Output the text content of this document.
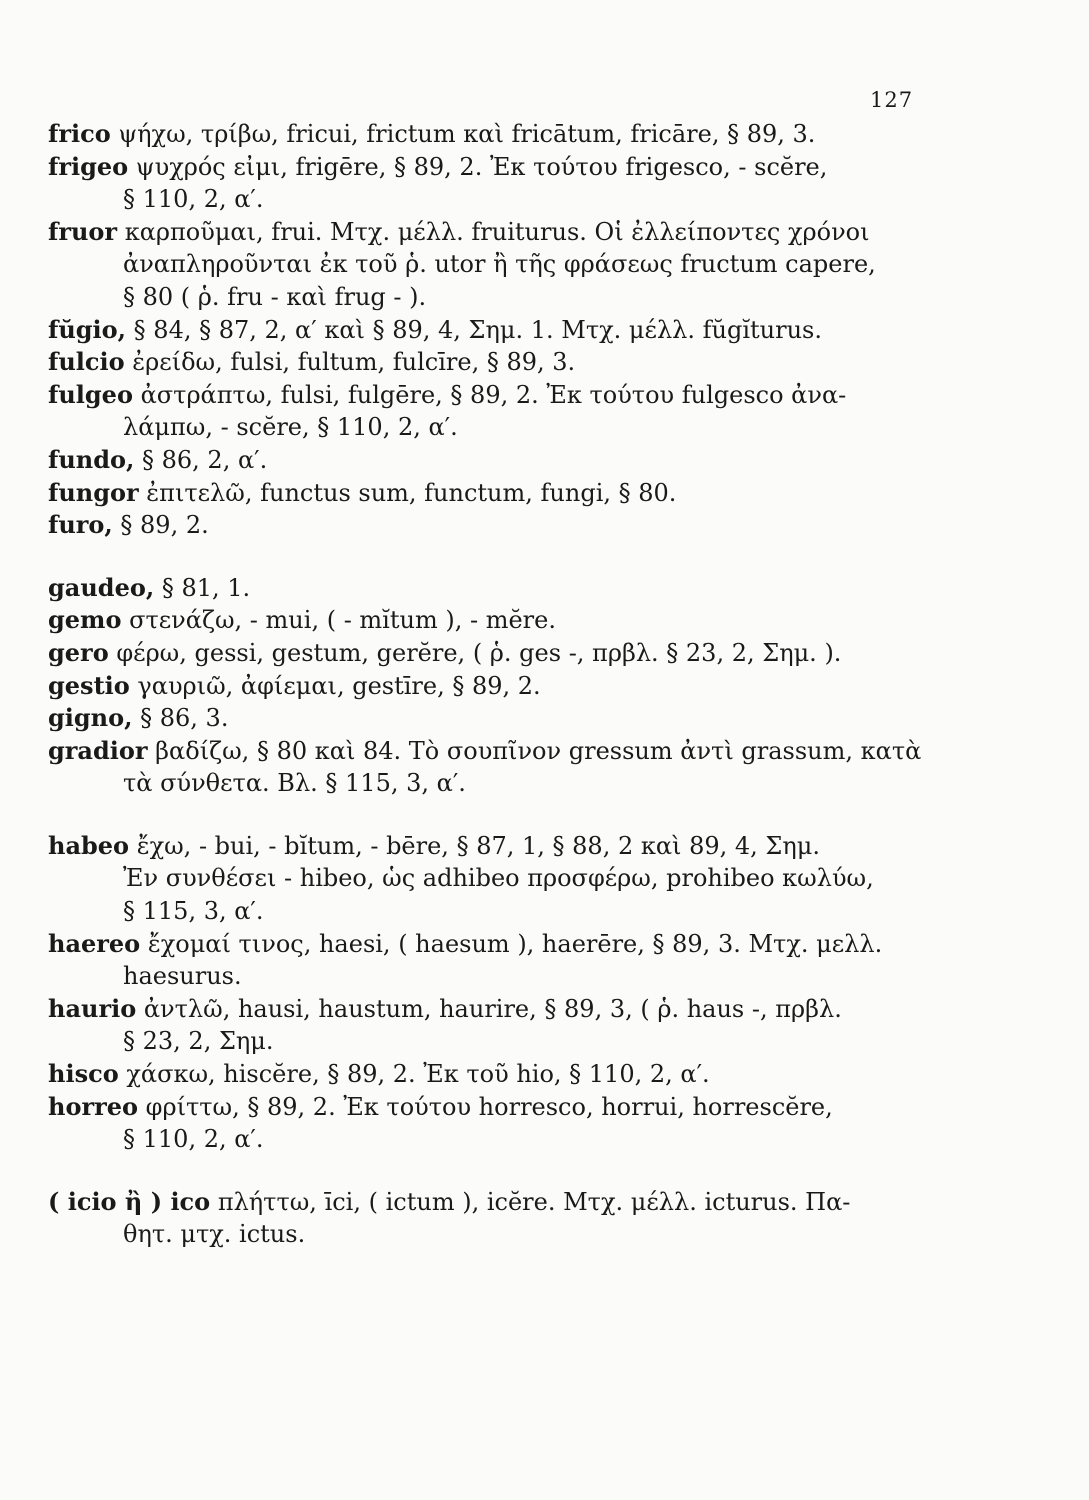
127
frico ψήχω, τρίβω, fricui, frictum καὶ fricātum, fricāre, § 89, 3.
frigeo ψυχρός εἰμι, frigēre, § 89, 2. Ἐκ τούτου frigesco, - scĕre,
§ 110, 2, α′.
fruor καρποῦμαι, frui. Μτχ. μέλλ. fruiturus. Οἱ ἐλλείποντες χρόνοι
ἀναπληροῦνται ἐκ τοῦ ῥ. utor ἢ τῆς φράσεως fructum capere,
§ 80 ( ῥ. fru - καὶ frug - ).
fŭgio, § 84, § 87, 2, α′ καὶ § 89, 4, Σημ. 1. Μτχ. μέλλ. fŭgĭturus.
fulcio ἐρείδω, fulsi, fultum, fulcīre, § 89, 3.
fulgeo ἀστράπτω, fulsi, fulgēre, § 89, 2. Ἐκ τούτου fulgesco ἀνα-
λάμπω, - scĕre, § 110, 2, α′.
fundo, § 86, 2, α′.
fungor ἐπιτελῶ, functus sum, functum, fungi, § 80.
furo, § 89, 2.
gaudeo, § 81, 1.
gemo στενάζω, - mui, ( - mĭtum ), - mĕre.
gero φέρω, gessi, gestum, gerĕre, ( ῥ. ges -, πρβλ. § 23, 2, Σημ. ).
gestio γαυριῶ, ἀφίεμαι, gestīre, § 89, 2.
gigno, § 86, 3.
gradior βαδίζω, § 80 καὶ 84. Τὸ σουπῖνον gressum ἀντὶ grassum, κατὰ
τὰ σύνθετα. Βλ. § 115, 3, α′.
habeo ἔχω, - bui, - bĭtum, - bēre, § 87, 1, § 88, 2 καὶ 89, 4, Σημ.
Ἐν συνθέσει - hibeo, ὡς adhibeo προσφέρω, prohibeo κωλύω,
§ 115, 3, α′.
haereo ἔχομαί τινος, haesi, ( haesum ), haerēre, § 89, 3. Μτχ. μελλ.
haesurus.
haurio ἀντλῶ, hausi, haustum, haurire, § 89, 3, ( ῥ. haus -, πρβλ.
§ 23, 2, Σημ.
hisco χάσκω, hiscĕre, § 89, 2. Ἐκ τοῦ hio, § 110, 2, α′.
horreo φρίττω, § 89, 2. Ἐκ τούτου horresco, horrui, horrescĕre,
§ 110, 2, α′.
( icio ἢ ) ico πλήττω, īci, ( ictum ), icĕre. Μτχ. μέλλ. icturus. Πα-
θητ. μτχ. ictus.
